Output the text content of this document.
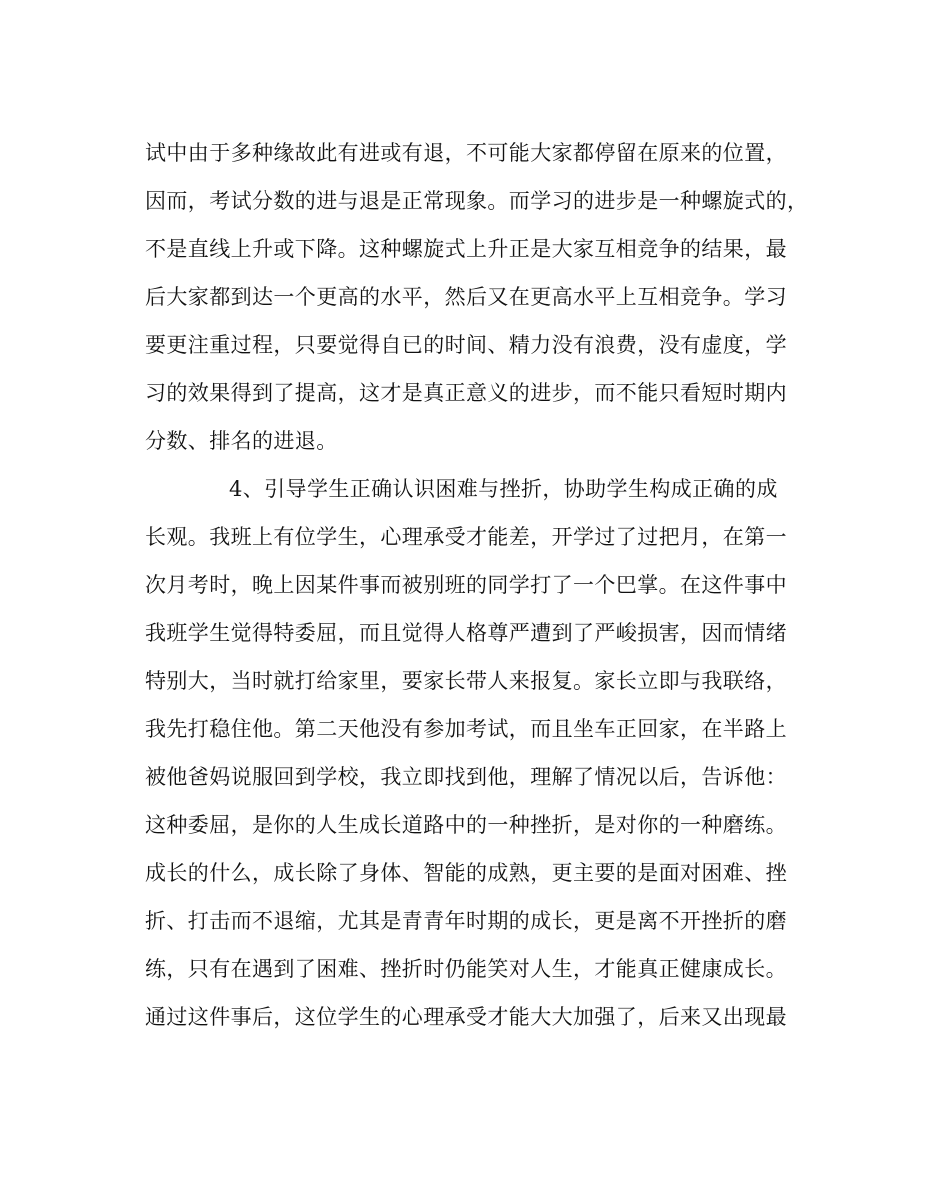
试中由于多种缘故此有进或有退，不可能大家都停留在原来的位置，
因而，考试分数的进与退是正常现象。而学习的进步是一种螺旋式的，
不是直线上升或下降。这种螺旋式上升正是大家互相竞争的结果，最
后大家都到达一个更高的水平，然后又在更高水平上互相竞争。学习
要更注重过程，只要觉得自已的时间、精力没有浪费，没有虚度，学
习的效果得到了提高，这才是真正意义的进步，而不能只看短时期内
分数、排名的进退。
4、引导学生正确认识困难与挫折，协助学生构成正确的成
长观。我班上有位学生，心理承受才能差，开学过了过把月，在第一
次月考时，晚上因某件事而被别班的同学打了一个巴掌。在这件事中
我班学生觉得特委屈，而且觉得人格尊严遭到了严峻损害，因而情绪
特别大，当时就打给家里，要家长带人来报复。家长立即与我联络，
我先打稳住他。第二天他没有参加考试，而且坐车正回家，在半路上
被他爸妈说服回到学校，我立即找到他，理解了情况以后，告诉他：
这种委屈，是你的人生成长道路中的一种挫折，是对你的一种磨练。
成长的什么，成长除了身体、智能的成熟，更主要的是面对困难、挫
折、打击而不退缩，尤其是青青年时期的成长，更是离不开挫折的磨
练，只有在遇到了困难、挫折时仍能笑对人生，才能真正健康成长。
通过这件事后，这位学生的心理承受才能大大加强了，后来又出现最
